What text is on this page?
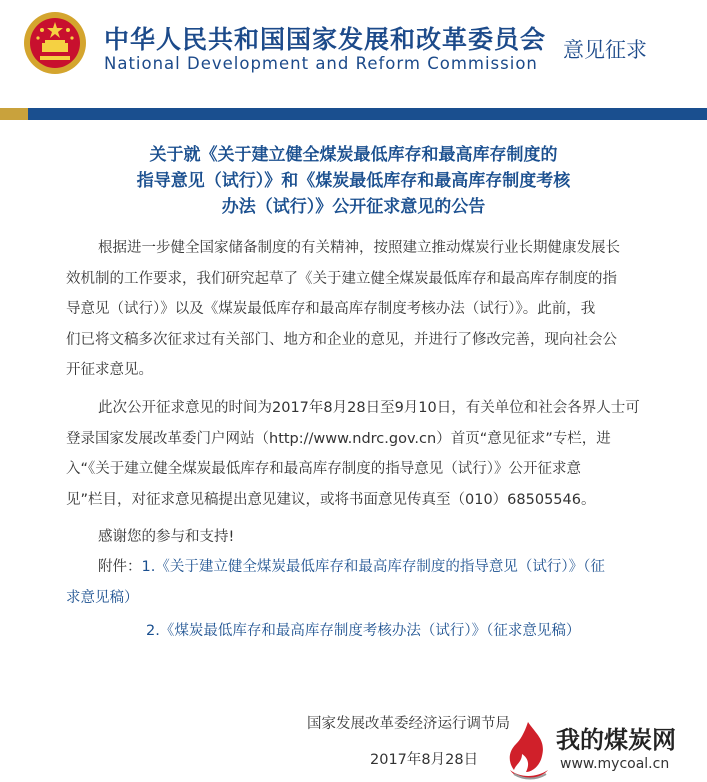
中华人民共和国国家发展和改革委员会
National Development and Reform Commission
意见征求
关于就《关于建立健全煤炭最低库存和最高库存制度的
指导意见（试行）》和《煤炭最低库存和最高库存制度考核
办法（试行）》公开征求意见的公告
根据进一步健全国家储备制度的有关精神，按照建立推动煤炭行业长期健康发展长
效机制的工作要求，我们研究起草了《关于建立健全煤炭最低库存和最高库存制度的指
导意见（试行）》以及《煤炭最低库存和最高库存制度考核办法（试行）》。此前，我
们已将文稿多次征求过有关部门、地方和企业的意见，并进行了修改完善，现向社会公
开征求意见。
此次公开征求意见的时间为2017年8月28日至9月10日，有关单位和社会各界人士可
登录国家发展改革委门户网站（http://www.ndrc.gov.cn）首页“意见征求”专栏，进
入“《关于建立健全煤炭最低库存和最高库存制度的指导意见（试行）》公开征求意
见”栏目，对征求意见稿提出意见建议，或将书面意见传真至（010）68505546。
感谢您的参与和支持!
附件：1.《关于建立健全煤炭最低库存和最高库存制度的指导意见（试行）》（征
求意见稿）
2.《煤炭最低库存和最高库存制度考核办法（试行）》（征求意见稿）
国家发展改革委经济运行调节局
2017年8月28日
我的煤炭网
www.mycoal.cn
